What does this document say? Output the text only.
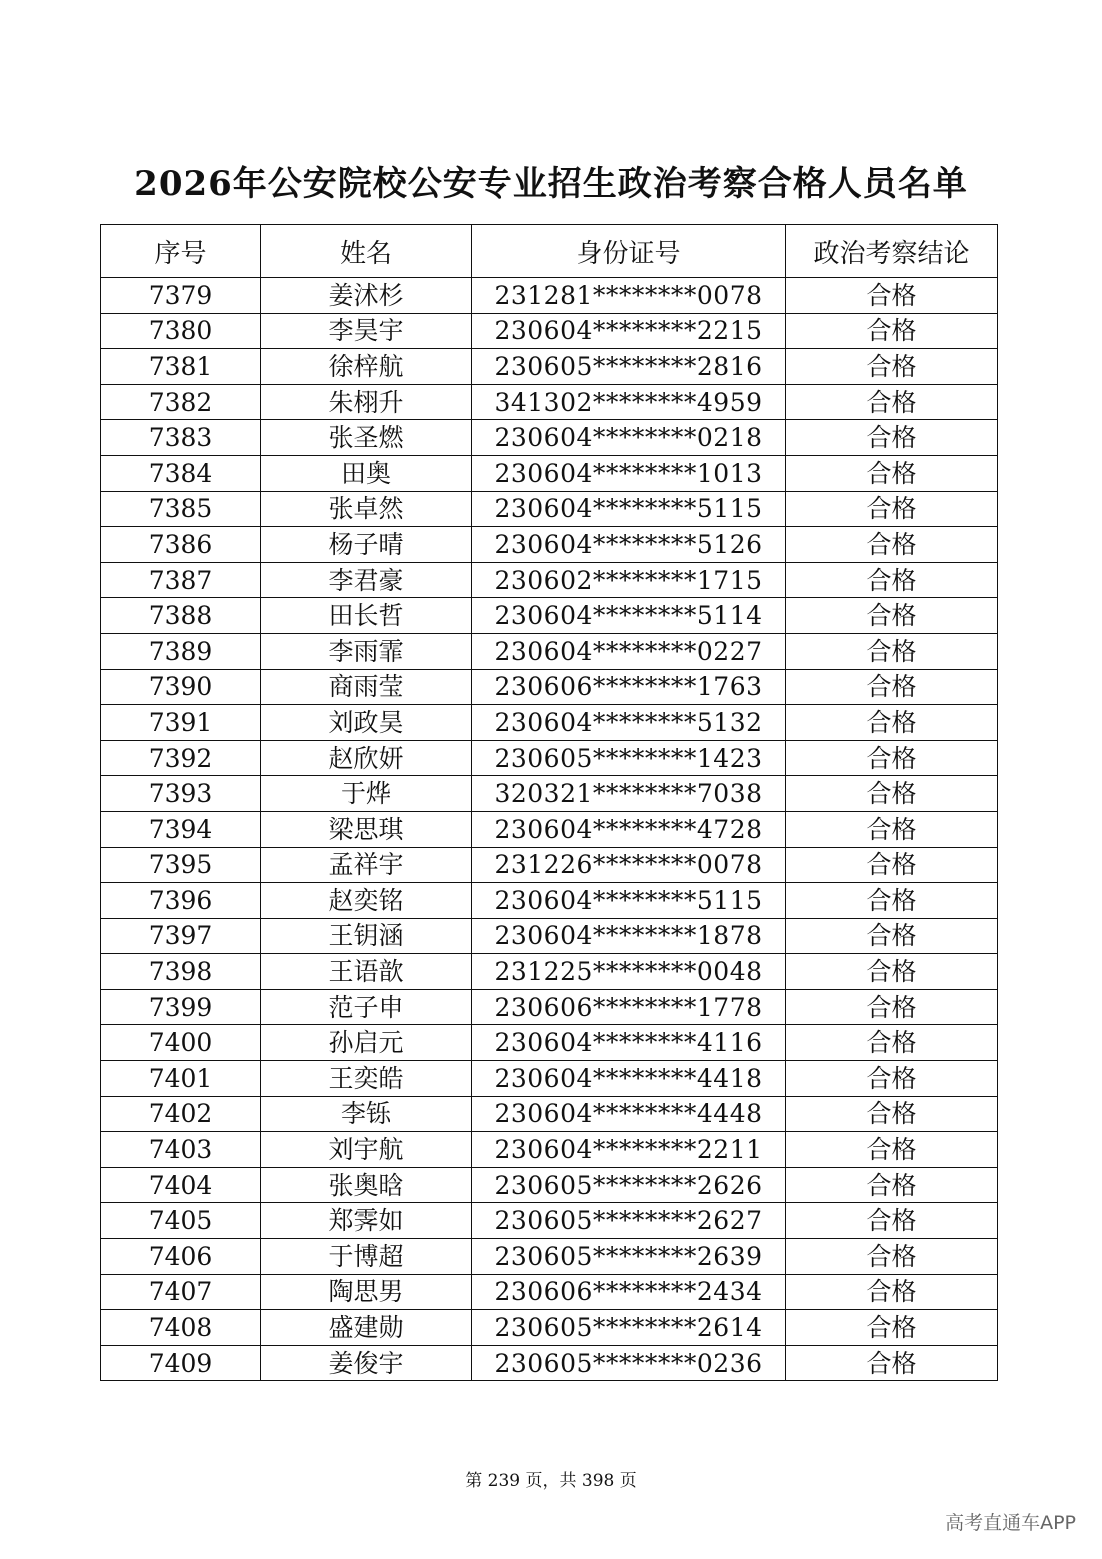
2026年公安院校公安专业招生政治考察合格人员名单
序号	姓名	身份证号	政治考察结论
7379	姜沭杉	231281********0078	合格
7380	李昊宇	230604********2215	合格
7381	徐梓航	230605********2816	合格
7382	朱栩升	341302********4959	合格
7383	张圣燃	230604********0218	合格
7384	田奥	230604********1013	合格
7385	张卓然	230604********5115	合格
7386	杨子晴	230604********5126	合格
7387	李君豪	230602********1715	合格
7388	田长哲	230604********5114	合格
7389	李雨霏	230604********0227	合格
7390	商雨莹	230606********1763	合格
7391	刘政昊	230604********5132	合格
7392	赵欣妍	230605********1423	合格
7393	于烨	320321********7038	合格
7394	梁思琪	230604********4728	合格
7395	孟祥宇	231226********0078	合格
7396	赵奕铭	230604********5115	合格
7397	王钥涵	230604********1878	合格
7398	王语歆	231225********0048	合格
7399	范子申	230606********1778	合格
7400	孙启元	230604********4116	合格
7401	王奕皓	230604********4418	合格
7402	李铄	230604********4448	合格
7403	刘宇航	230604********2211	合格
7404	张奥晗	230605********2626	合格
7405	郑霁如	230605********2627	合格
7406	于博超	230605********2639	合格
7407	陶思男	230606********2434	合格
7408	盛建勋	230605********2614	合格
7409	姜俊宇	230605********0236	合格
第 239 页，共 398 页
高考直通车APP
